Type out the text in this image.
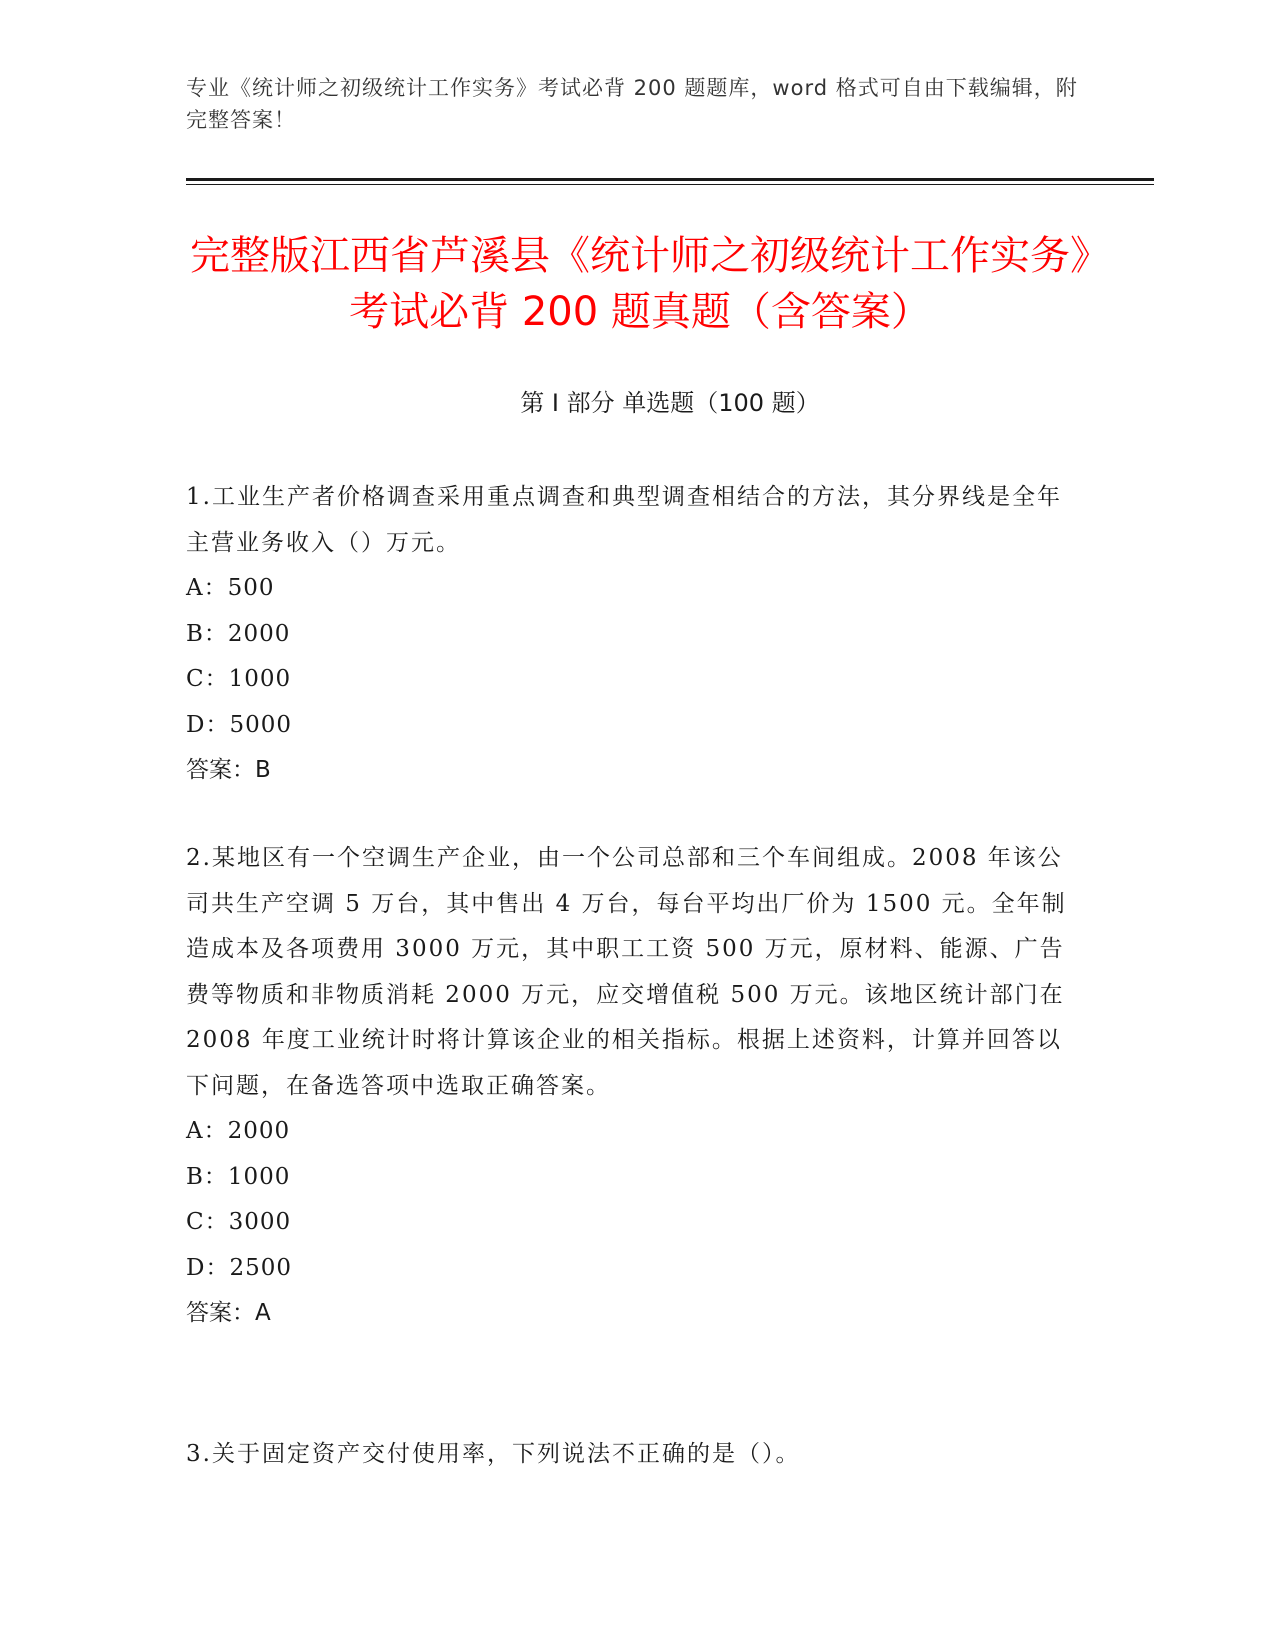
专业《统计师之初级统计工作实务》考试必背 200 题题库，word 格式可自由下载编辑，附完整答案！
完整版江西省芦溪县《统计师之初级统计工作实务》考试必背 200 题真题（含答案）
第 I 部分 单选题（100 题）

1.工业生产者价格调查采用重点调查和典型调查相结合的方法，其分界线是全年主营业务收入（）万元。

A：500

B：2000

C：1000

D：5000

答案：B

2.某地区有一个空调生产企业，由一个公司总部和三个车间组成。2008 年该公司共生产空调 5 万台，其中售出 4 万台，每台平均出厂价为 1500 元。全年制造成本及各项费用 3000 万元，其中职工工资 500 万元，原材料、能源、广告费等物质和非物质消耗 2000 万元，应交增值税 500 万元。该地区统计部门在 2008 年度工业统计时将计算该企业的相关指标。根据上述资料，计算并回答以下问题，在备选答项中选取正确答案。

A：2000

B：1000

C：3000

D：2500

答案：A

3.关于固定资产交付使用率，下列说法不正确的是（）。
